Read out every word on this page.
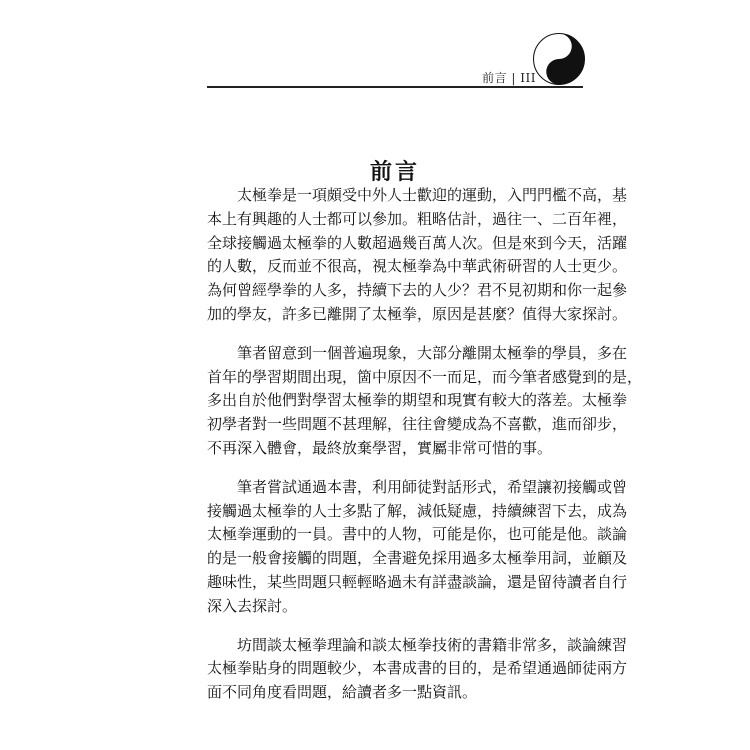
前言 | III
前言

太極拳是一項頗受中外人士歡迎的運動，入門門檻不高，基
本上有興趣的人士都可以參加。粗略估計，過往一、二百年裡，
全球接觸過太極拳的人數超過幾百萬人次。但是來到今天，活躍
的人數，反而並不很高，視太極拳為中華武術研習的人士更少。
為何曾經學拳的人多，持續下去的人少？君不見初期和你一起參
加的學友，許多已離開了太極拳，原因是甚麼？值得大家探討。

筆者留意到一個普遍現象，大部分離開太極拳的學員，多在
首年的學習期間出現，箇中原因不一而足，而今筆者感覺到的是，
多出自於他們對學習太極拳的期望和現實有較大的落差。太極拳
初學者對一些問題不甚理解，往往會變成為不喜歡，進而卻步，
不再深入體會，最終放棄學習，實屬非常可惜的事。

筆者嘗試通過本書，利用師徒對話形式，希望讓初接觸或曾
接觸過太極拳的人士多點了解，減低疑慮，持續練習下去，成為
太極拳運動的一員。書中的人物，可能是你，也可能是他。談論
的是一般會接觸的問題，全書避免採用過多太極拳用詞，並顧及
趣味性，某些問題只輕輕略過未有詳盡談論，還是留待讀者自行
深入去探討。

坊間談太極拳理論和談太極拳技術的書籍非常多，談論練習
太極拳貼身的問題較少，本書成書的目的，是希望通過師徒兩方
面不同角度看問題，給讀者多一點資訊。
